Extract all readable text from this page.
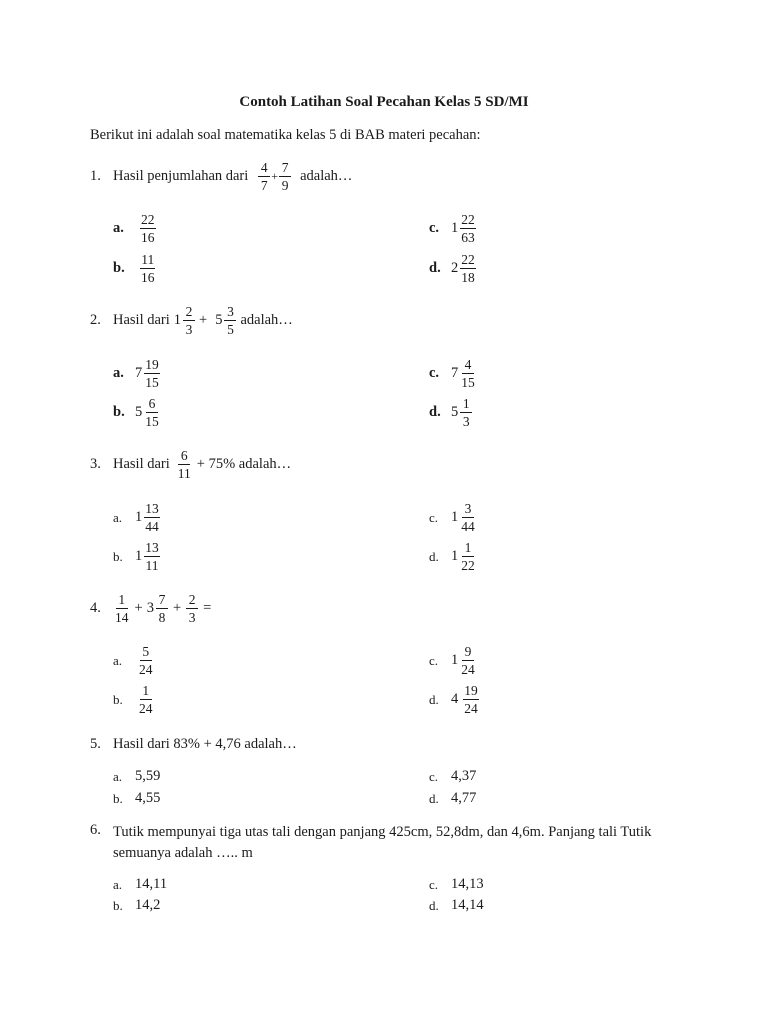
Contoh Latihan Soal Pecahan Kelas 5 SD/MI
Berikut ini adalah soal matematika kelas 5 di BAB materi pecahan:
1. Hasil penjumlahan dari $\frac{4}{7} + \frac{7}{9}$ adalah…
a.	$\frac{22}{16}$
b.	$\frac{11}{16}$
c. $1 \frac{22}{63}$
d. $2 \frac{22}{18}$
2. Hasil dari $1 \frac{2}{3} + 5 \frac{3}{5}$ adalah…
a. $7 \frac{19}{15}$
b. $5 \frac{6}{15}$
c. $7 \frac{4}{15}$
d. $5 \frac{1}{3}$
3. Hasil dari $\frac{6}{11} + 75\%$ adalah…
a. $1 \frac{13}{44}$
b. $1 \frac{13}{11}$
c. $1 \frac{3}{44}$
d. $1 \frac{1}{22}$
4. $\frac{1}{14} + 3 \frac{7}{8} + \frac{2}{3}$ =
a.	$\frac{5}{24}$
b.	$\frac{1}{24}$
c. $1 \frac{9}{24}$
d. $4 \frac{19}{24}$
5. Hasil dari 83% + 4,76 adalah…
a. 5,59
b. 4,55
c. 4,37
d. 4,77
6. Tutik mempunyai tiga utas tali dengan panjang 425cm, 52,8dm, dan 4,6m. Panjang tali Tutik semuanya adalah ….. m
a. 14,11
b. 14,2
c. 14,13
d. 14,14
